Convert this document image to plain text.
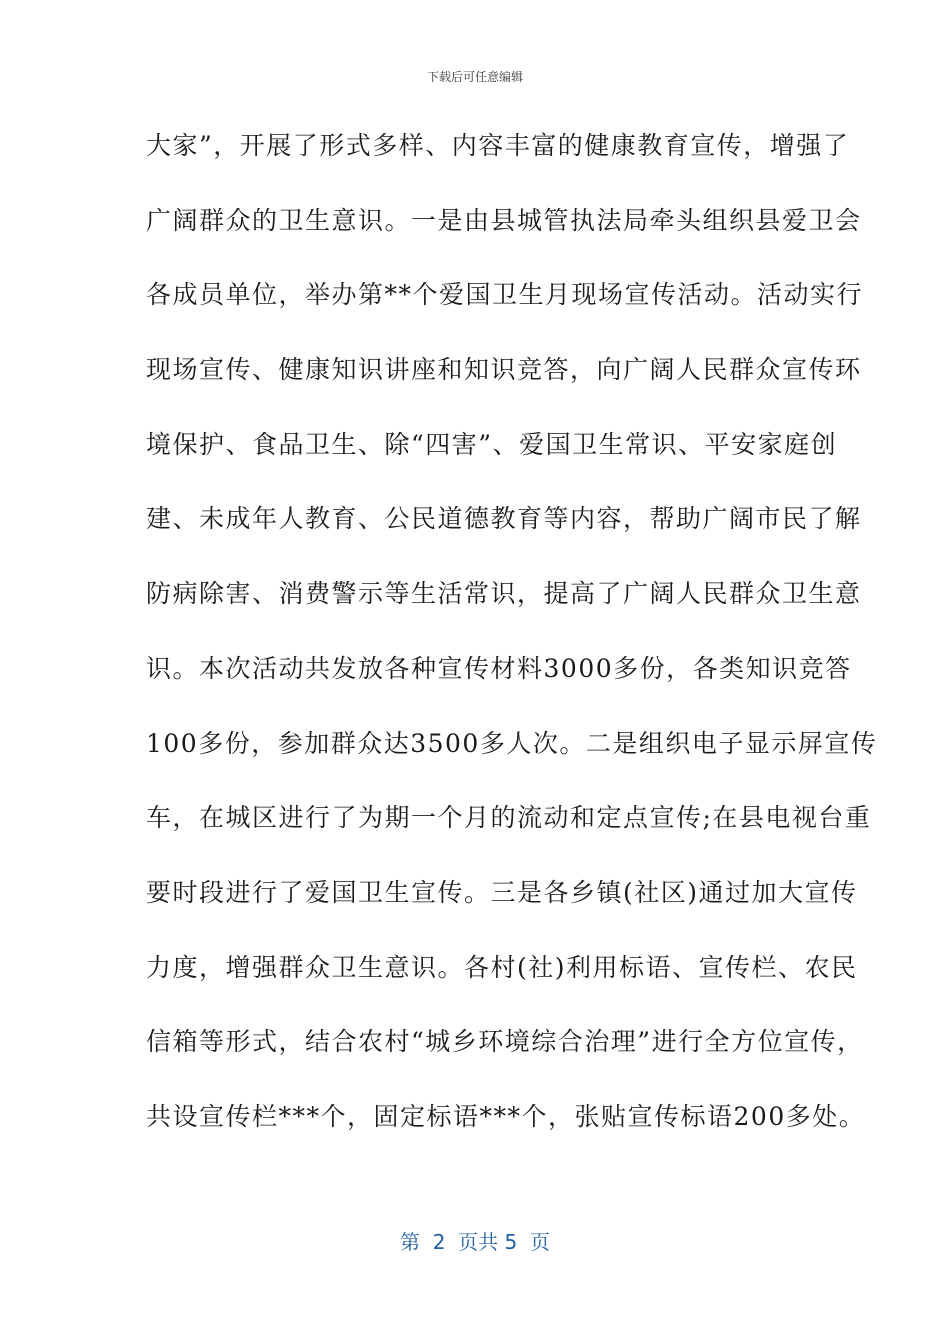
下载后可任意编辑
大家”，开展了形式多样、内容丰富的健康教育宣传，增强了
广阔群众的卫生意识。一是由县城管执法局牵头组织县爱卫会
各成员单位，举办第**个爱国卫生月现场宣传活动。活动实行
现场宣传、健康知识讲座和知识竞答，向广阔人民群众宣传环
境保护、食品卫生、除“四害”、爱国卫生常识、平安家庭创
建、未成年人教育、公民道德教育等内容，帮助广阔市民了解
防病除害、消费警示等生活常识，提高了广阔人民群众卫生意
识。本次活动共发放各种宣传材料3000多份，各类知识竞答
100多份，参加群众达3500多人次。二是组织电子显示屏宣传
车，在城区进行了为期一个月的流动和定点宣传;在县电视台重
要时段进行了爱国卫生宣传。三是各乡镇(社区)通过加大宣传
力度，增强群众卫生意识。各村(社)利用标语、宣传栏、农民
信箱等形式，结合农村“城乡环境综合治理”进行全方位宣传，
共设宣传栏***个，固定标语***个，张贴宣传标语200多处。
第  2  页共 5  页
